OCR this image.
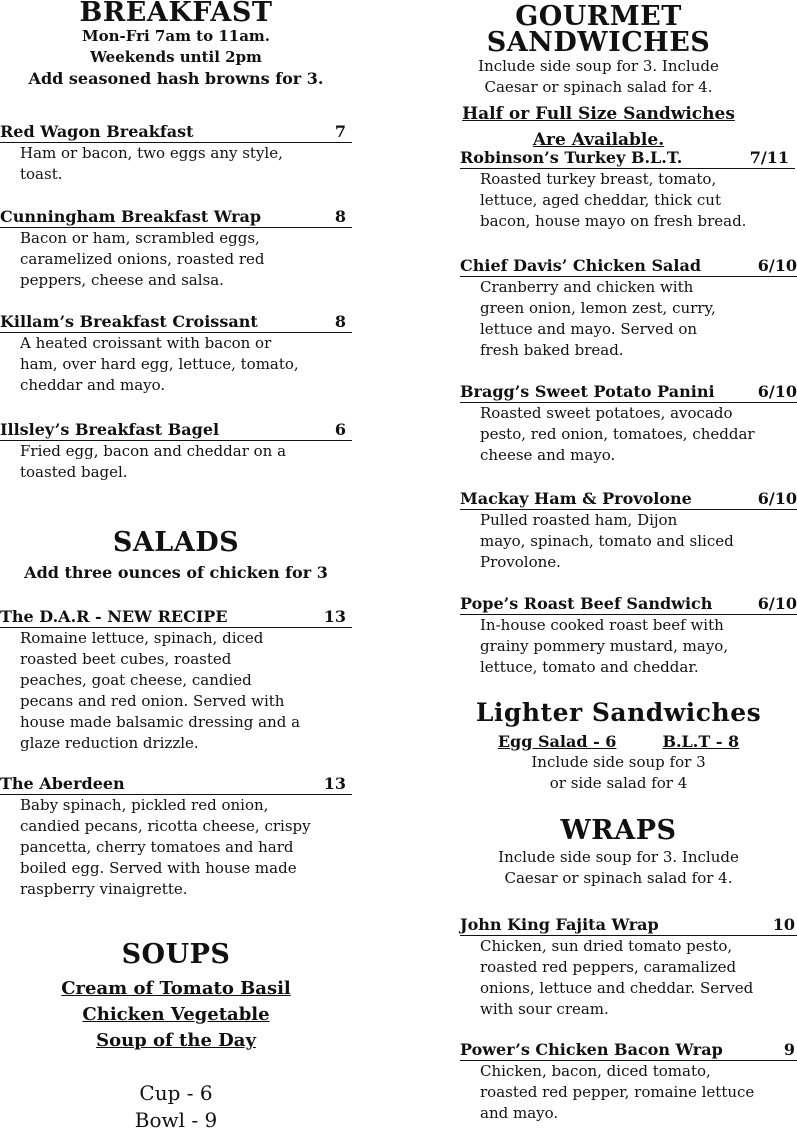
BREAKFAST
Mon-Fri 7am to 11am.
Weekends until 2pm
Add seasoned hash browns for 3.
Red Wagon Breakfast	7
Ham or bacon, two eggs any style,
toast.
Cunningham Breakfast Wrap	8
Bacon or ham, scrambled eggs,
caramelized onions, roasted red
peppers, cheese and salsa.
Killam’s Breakfast Croissant	8
A heated croissant with bacon or
ham, over hard egg, lettuce, tomato,
cheddar and mayo.
Illsley’s Breakfast Bagel	6
Fried egg, bacon and cheddar on a
toasted bagel.
SALADS
Add three ounces of chicken for 3
The D.A.R - NEW RECIPE	13
Romaine lettuce, spinach, diced
roasted beet cubes, roasted
peaches, goat cheese, candied
pecans and red onion. Served with
house made balsamic dressing and a
glaze reduction drizzle.
The Aberdeen	13
Baby spinach, pickled red onion,
candied pecans, ricotta cheese, crispy
pancetta, cherry tomatoes and hard
boiled egg. Served with house made
raspberry vinaigrette.
SOUPS
Cream of Tomato Basil
Chicken Vegetable
Soup of the Day
Cup - 6
Bowl - 9
GOURMET
SANDWICHES
Include side soup for 3. Include
Caesar or spinach salad for 4.
Half or Full Size Sandwiches
Are Available.
Robinson’s Turkey B.L.T.	7/11
Roasted turkey breast, tomato,
lettuce, aged cheddar, thick cut
bacon, house mayo on fresh bread.
Chief Davis’ Chicken Salad	6/10
Cranberry and chicken with
green onion, lemon zest, curry,
lettuce and mayo. Served on
fresh baked bread.
Bragg’s Sweet Potato Panini	6/10
Roasted sweet potatoes, avocado
pesto, red onion, tomatoes, cheddar
cheese and mayo.
Mackay Ham & Provolone	6/10
Pulled roasted ham, Dijon
mayo, spinach, tomato and sliced
Provolone.
Pope’s Roast Beef Sandwich	6/10
In-house cooked roast beef with
grainy pommery mustard, mayo,
lettuce, tomato and cheddar.
Lighter Sandwiches
Egg Salad - 6	B.L.T - 8
Include side soup for 3
or side salad for 4
WRAPS
Include side soup for 3. Include
Caesar or spinach salad for 4.
John King Fajita Wrap	10
Chicken, sun dried tomato pesto,
roasted red peppers, caramalized
onions, lettuce and cheddar. Served
with sour cream.
Power’s Chicken Bacon Wrap	9
Chicken, bacon, diced tomato,
roasted red pepper, romaine lettuce
and mayo.
